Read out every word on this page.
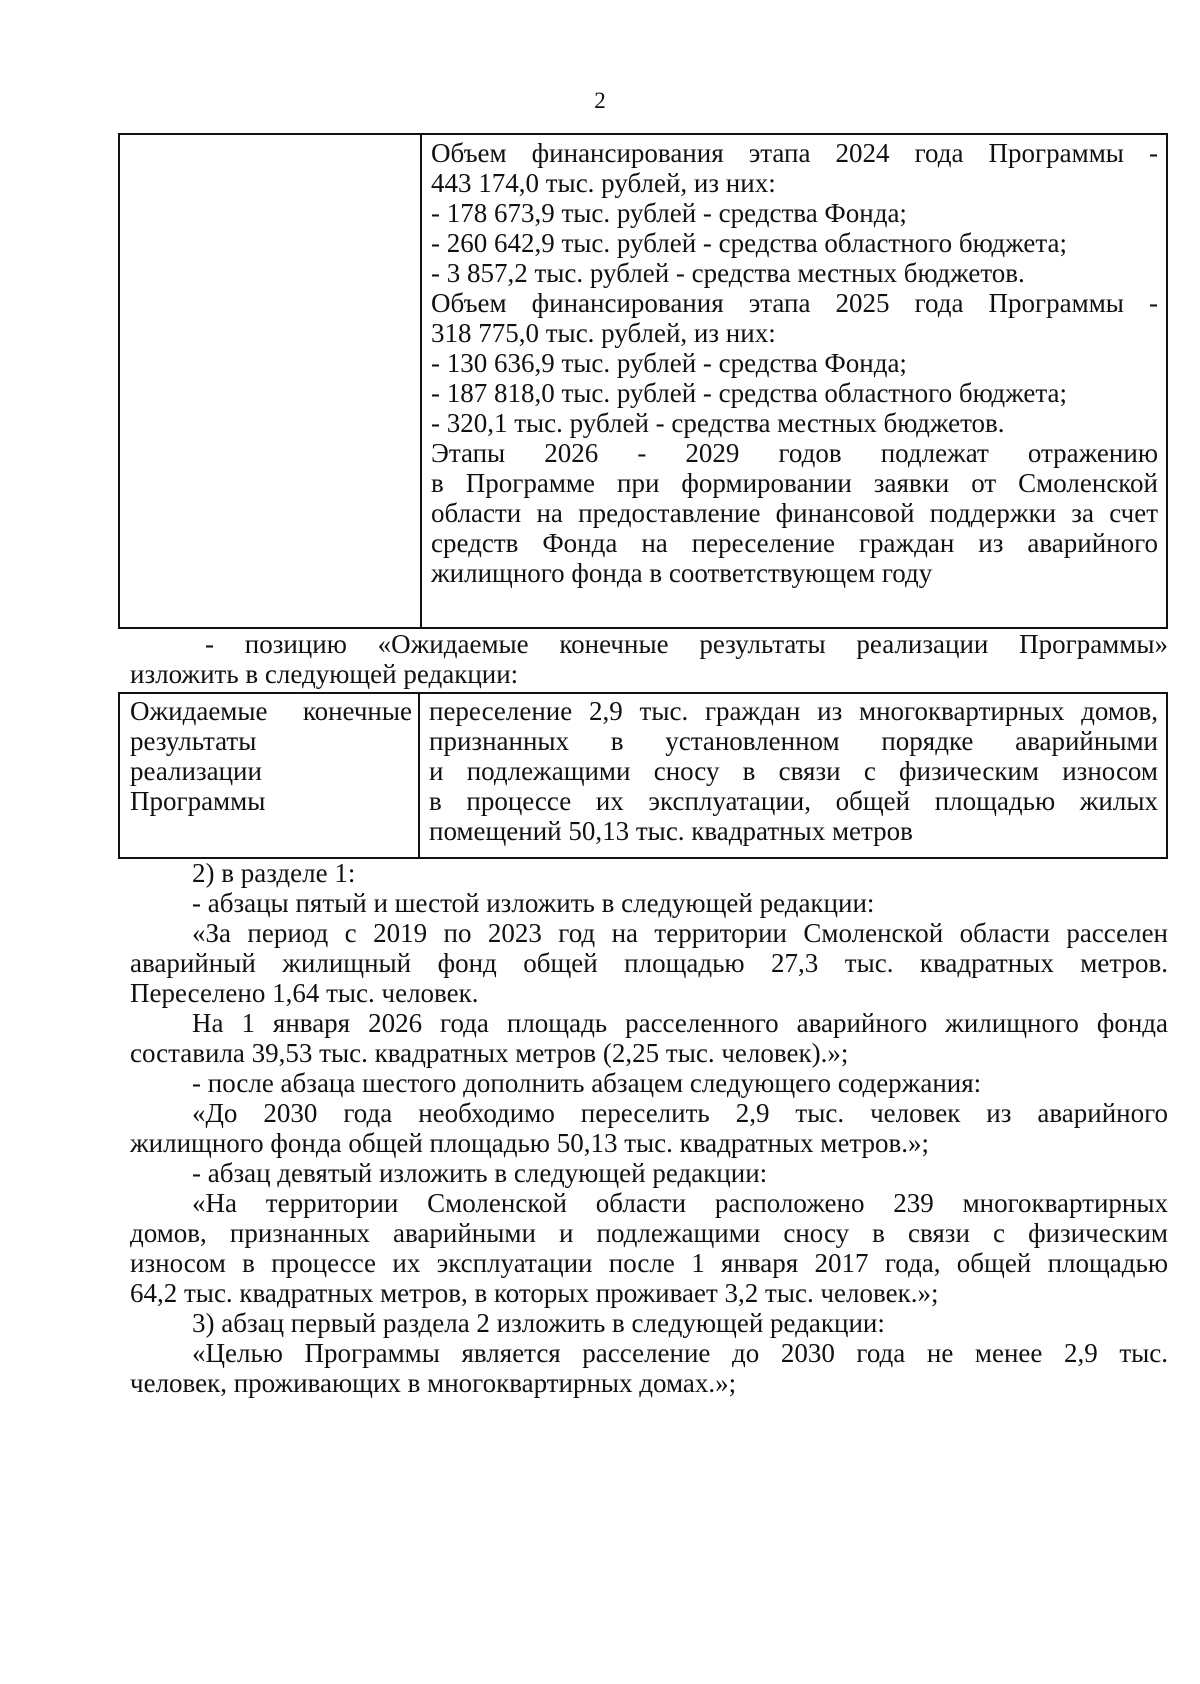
2
Объем финансирования этапа 2024 года Программы -
443 174,0 тыс. рублей, из них:
- 178 673,9 тыс. рублей - средства Фонда;
- 260 642,9 тыс. рублей - средства областного бюджета;
- 3 857,2 тыс. рублей - средства местных бюджетов.
Объем финансирования этапа 2025 года Программы -
318 775,0 тыс. рублей, из них:
- 130 636,9 тыс. рублей - средства Фонда;
- 187 818,0 тыс. рублей - средства областного бюджета;
- 320,1 тыс. рублей - средства местных бюджетов.
Этапы 2026 - 2029 годов подлежат отражению
в Программе при формировании заявки от Смоленской
области на предоставление финансовой поддержки за счет
средств Фонда на переселение граждан из аварийного
жилищного фонда в соответствующем году
- позицию «Ожидаемые конечные результаты реализации Программы»
изложить в следующей редакции:
Ожидаемые конечные
результаты
реализации
Программы
переселение 2,9 тыс. граждан из многоквартирных домов,
признанных в установленном порядке аварийными
и подлежащими сносу в связи с физическим износом
в процессе их эксплуатации, общей площадью жилых
помещений 50,13 тыс. квадратных метров

2) в разделе 1:

- абзацы пятый и шестой изложить в следующей редакции:

«За период с 2019 по 2023 год на территории Смоленской области расселен

аварийный жилищный фонд общей площадью 27,3 тыс. квадратных метров.

Переселено 1,64 тыс. человек.

На 1 января 2026 года площадь расселенного аварийного жилищного фонда

составила 39,53 тыс. квадратных метров (2,25 тыс. человек).»;

- после абзаца шестого дополнить абзацем следующего содержания:

«До 2030 года необходимо переселить 2,9 тыс. человек из аварийного

жилищного фонда общей площадью 50,13 тыс. квадратных метров.»;

- абзац девятый изложить в следующей редакции:

«На территории Смоленской области расположено 239 многоквартирных

домов, признанных аварийными и подлежащими сносу в связи с физическим

износом в процессе их эксплуатации после 1 января 2017 года, общей площадью

64,2 тыс. квадратных метров, в которых проживает 3,2 тыс. человек.»;

3) абзац первый раздела 2 изложить в следующей редакции:

«Целью Программы является расселение до 2030 года не менее 2,9 тыс.

человек, проживающих в многоквартирных домах.»;
